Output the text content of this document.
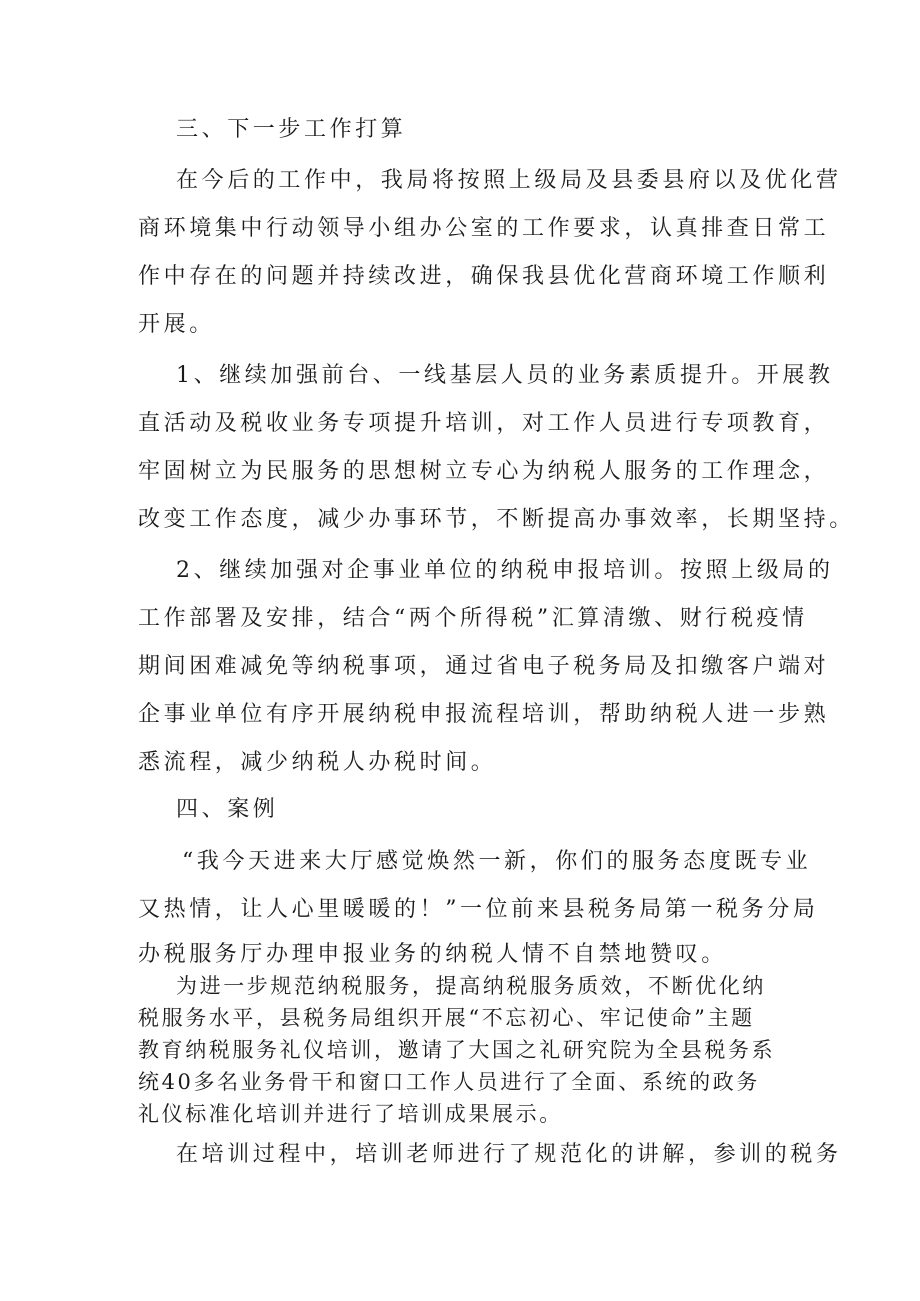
三、下一步工作打算
在今后的工作中，我局将按照上级局及县委县府以及优化营
商环境集中行动领导小组办公室的工作要求，认真排查日常工
作中存在的问题并持续改进，确保我县优化营商环境工作顺利
开展。
1、继续加强前台、一线基层人员的业务素质提升。开展教
直活动及税收业务专项提升培训，对工作人员进行专项教育，
牢固树立为民服务的思想树立专心为纳税人服务的工作理念，
改变工作态度，减少办事环节，不断提高办事效率，长期坚持。
2、继续加强对企事业单位的纳税申报培训。按照上级局的
工作部署及安排，结合“两个所得税”汇算清缴、财行税疫情
期间困难减免等纳税事项，通过省电子税务局及扣缴客户端对
企事业单位有序开展纳税申报流程培训，帮助纳税人进一步熟
悉流程，减少纳税人办税时间。
四、案例
“我今天进来大厅感觉焕然一新，你们的服务态度既专业
又热情，让人心里暖暖的！”一位前来县税务局第一税务分局
办税服务厅办理申报业务的纳税人情不自禁地赞叹。
为进一步规范纳税服务，提高纳税服务质效，不断优化纳
税服务水平，县税务局组织开展“不忘初心、牢记使命”主题
教育纳税服务礼仪培训，邀请了大国之礼研究院为全县税务系
统40多名业务骨干和窗口工作人员进行了全面、系统的政务
礼仪标准化培训并进行了培训成果展示。
在培训过程中，培训老师进行了规范化的讲解，参训的税务
